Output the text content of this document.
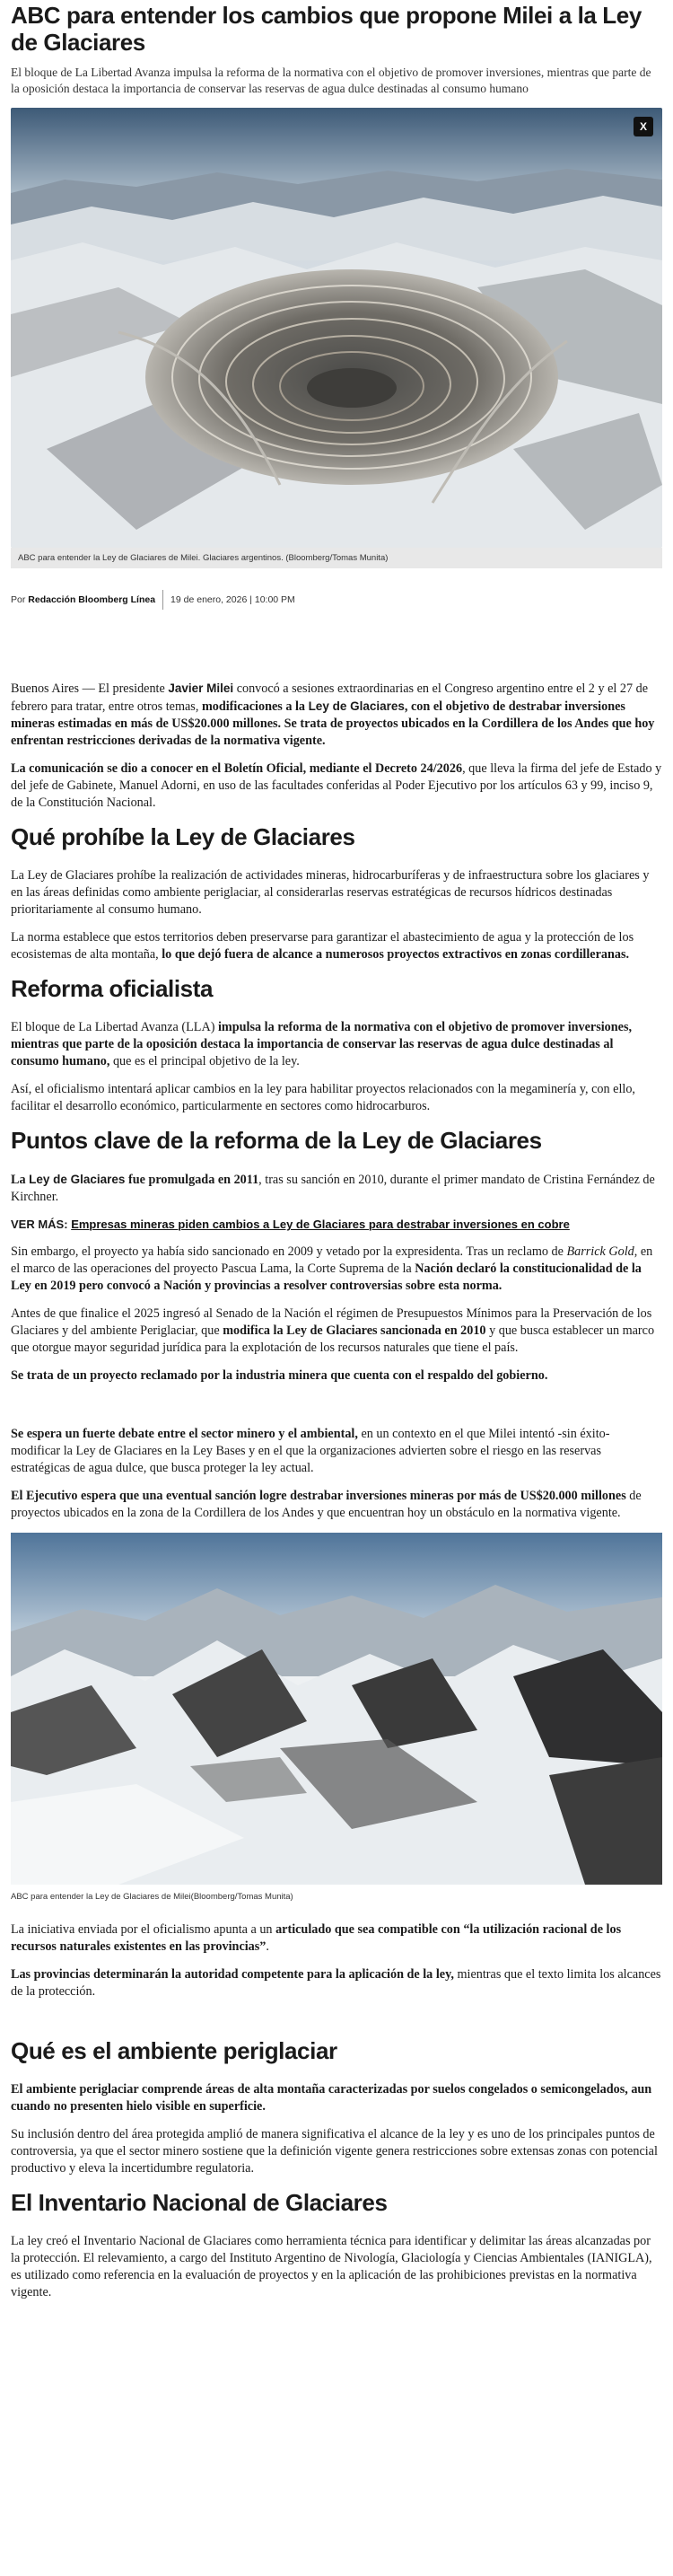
ABC para entender los cambios que propone Milei a la Ley de Glaciares

El bloque de La Libertad Avanza impulsa la reforma de la normativa con el objetivo de promover inversiones, mientras que parte de la oposición destaca la importancia de conservar las reservas de agua dulce destinadas al consumo humano

X
ABC para entender la Ley de Glaciares de Milei. Glaciares argentinos. (Bloomberg/Tomas Munita)
Por
Redacción Bloomberg Línea 19 de enero, 2026 | 10:00 PM

Buenos Aires — El presidente Javier Milei convocó a sesiones extraordinarias en el Congreso argentino entre el 2 y el 27 de febrero para tratar, entre otros temas, modificaciones a la Ley de Glaciares, con el objetivo de destrabar inversiones mineras estimadas en más de US$20.000 millones. Se trata de proyectos ubicados en la Cordillera de los Andes que hoy enfrentan restricciones derivadas de la normativa vigente.

La comunicación se dio a conocer en el Boletín Oficial, mediante el Decreto 24/2026, que lleva la firma del jefe de Estado y del jefe de Gabinete, Manuel Adorni, en uso de las facultades conferidas al Poder Ejecutivo por los artículos 63 y 99, inciso 9, de la Constitución Nacional.

Qué prohíbe la Ley de Glaciares

La Ley de Glaciares prohíbe la realización de actividades mineras, hidrocarburíferas y de infraestructura sobre los glaciares y en las áreas definidas como ambiente periglaciar, al considerarlas reservas estratégicas de recursos hídricos destinadas prioritariamente al consumo humano.

La norma establece que estos territorios deben preservarse para garantizar el abastecimiento de agua y la protección de los ecosistemas de alta montaña, lo que dejó fuera de alcance a numerosos proyectos extractivos en zonas cordilleranas.

Reforma oficialista

El bloque de La Libertad Avanza (LLA) impulsa la reforma de la normativa con el objetivo de promover inversiones, mientras que parte de la oposición destaca la importancia de conservar las reservas de agua dulce destinadas al consumo humano, que es el principal objetivo de la ley.

Así, el oficialismo intentará aplicar cambios en la ley para habilitar proyectos relacionados con la megaminería y, con ello, facilitar el desarrollo económico, particularmente en sectores como hidrocarburos.

Puntos clave de la reforma de la Ley de Glaciares

La Ley de Glaciares fue promulgada en 2011, tras su sanción en 2010, durante el primer mandato de Cristina Fernández de Kirchner.

VER MÁS: Empresas mineras piden cambios a Ley de Glaciares para destrabar inversiones en cobre

Sin embargo, el proyecto ya había sido sancionado en 2009 y vetado por la expresidenta. Tras un reclamo de Barrick Gold, en el marco de las operaciones del proyecto Pascua Lama, la Corte Suprema de la Nación declaró la constitucionalidad de la Ley en 2019 pero convocó a Nación y provincias a resolver controversias sobre esta norma.

Antes de que finalice el 2025 ingresó al Senado de la Nación el régimen de Presupuestos Mínimos para la Preservación de los Glaciares y del ambiente Periglaciar, que modifica la Ley de Glaciares sancionada en 2010 y que busca establecer un marco que otorgue mayor seguridad jurídica para la explotación de los recursos naturales que tiene el país.

Se trata de un proyecto reclamado por la industria minera que cuenta con el respaldo del gobierno.

Se espera un fuerte debate entre el sector minero y el ambiental, en un contexto en el que Milei intentó -sin éxito- modificar la Ley de Glaciares en la Ley Bases y en el que la organizaciones advierten sobre el riesgo en las reservas estratégicas de agua dulce, que busca proteger la ley actual.

El Ejecutivo espera que una eventual sanción logre destrabar inversiones mineras por más de US$20.000 millones de proyectos ubicados en la zona de la Cordillera de los Andes y que encuentran hoy un obstáculo en la normativa vigente.

ABC para entender la Ley de Glaciares de Milei(Bloomberg/Tomas Munita)

La iniciativa enviada por el oficialismo apunta a un articulado que sea compatible con “la utilización racional de los recursos naturales existentes en las provincias”.

Las provincias determinarán la autoridad competente para la aplicación de la ley, mientras que el texto limita los alcances de la protección.

Qué es el ambiente periglaciar

El ambiente periglaciar comprende áreas de alta montaña caracterizadas por suelos congelados o semicongelados, aun cuando no presenten hielo visible en superficie.

Su inclusión dentro del área protegida amplió de manera significativa el alcance de la ley y es uno de los principales puntos de controversia, ya que el sector minero sostiene que la definición vigente genera restricciones sobre extensas zonas con potencial productivo y eleva la incertidumbre regulatoria.

El Inventario Nacional de Glaciares

La ley creó el Inventario Nacional de Glaciares como herramienta técnica para identificar y delimitar las áreas alcanzadas por la protección. El relevamiento, a cargo del Instituto Argentino de Nivología, Glaciología y Ciencias Ambientales (IANIGLA), es utilizado como referencia en la evaluación de proyectos y en la aplicación de las prohibiciones previstas en la normativa vigente.
